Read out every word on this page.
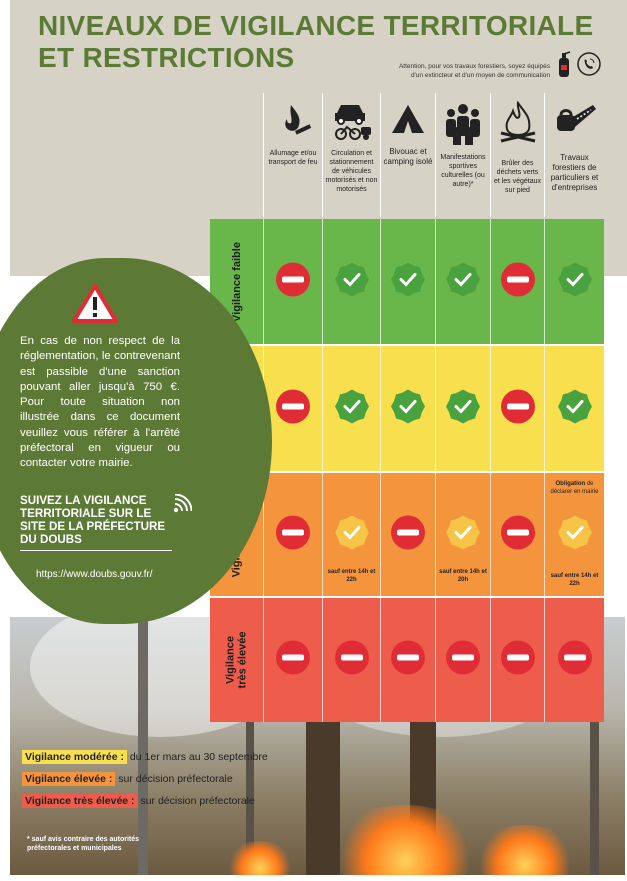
NIVEAUX DE VIGILANCE TERRITORIALE
ET RESTRICTIONS	Attention, pour vos travaux forestiers, soyez équipés
d'un extincteur et d'un moyen de communication
Allumage et/ou transport de feu
Circulation et stationnement de véhicules motorisés et non motorisés
Bivouac et camping isolé	Manifestations sportives culturelles (ou autre)*
Brûler des déchets verts et les végétaux sur pied
Travaux forestiers de particuliers et d'entreprises
Vigilance faible

sauf entre 14h et 22h
sauf entre 14h et 20h
Obligation de déclarer en mairie
sauf entre 14h et 22h
Vigilance
très élevée
En cas de non respect de la réglementation, le contrevenant est passible d'une sanction pouvant aller jusqu'à 750 €. Pour toute situation non illustrée dans ce document veuillez vous référer à l'arrêté préfectoral en vigueur ou contacter votre mairie.
SUIVEZ LA VIGILANCE TERRITORIALE SUR LE SITE DE LA PRÉFECTURE DU DOUBS
https://www.doubs.gouv.fr/
Vigilance modérée : du 1er mars au 30 septembre
Vigilance élevée : sur décision préfectorale
Vigilance très élevée : sur décision préfectorale
* sauf avis contraire des autorités préfectorales et municipales
